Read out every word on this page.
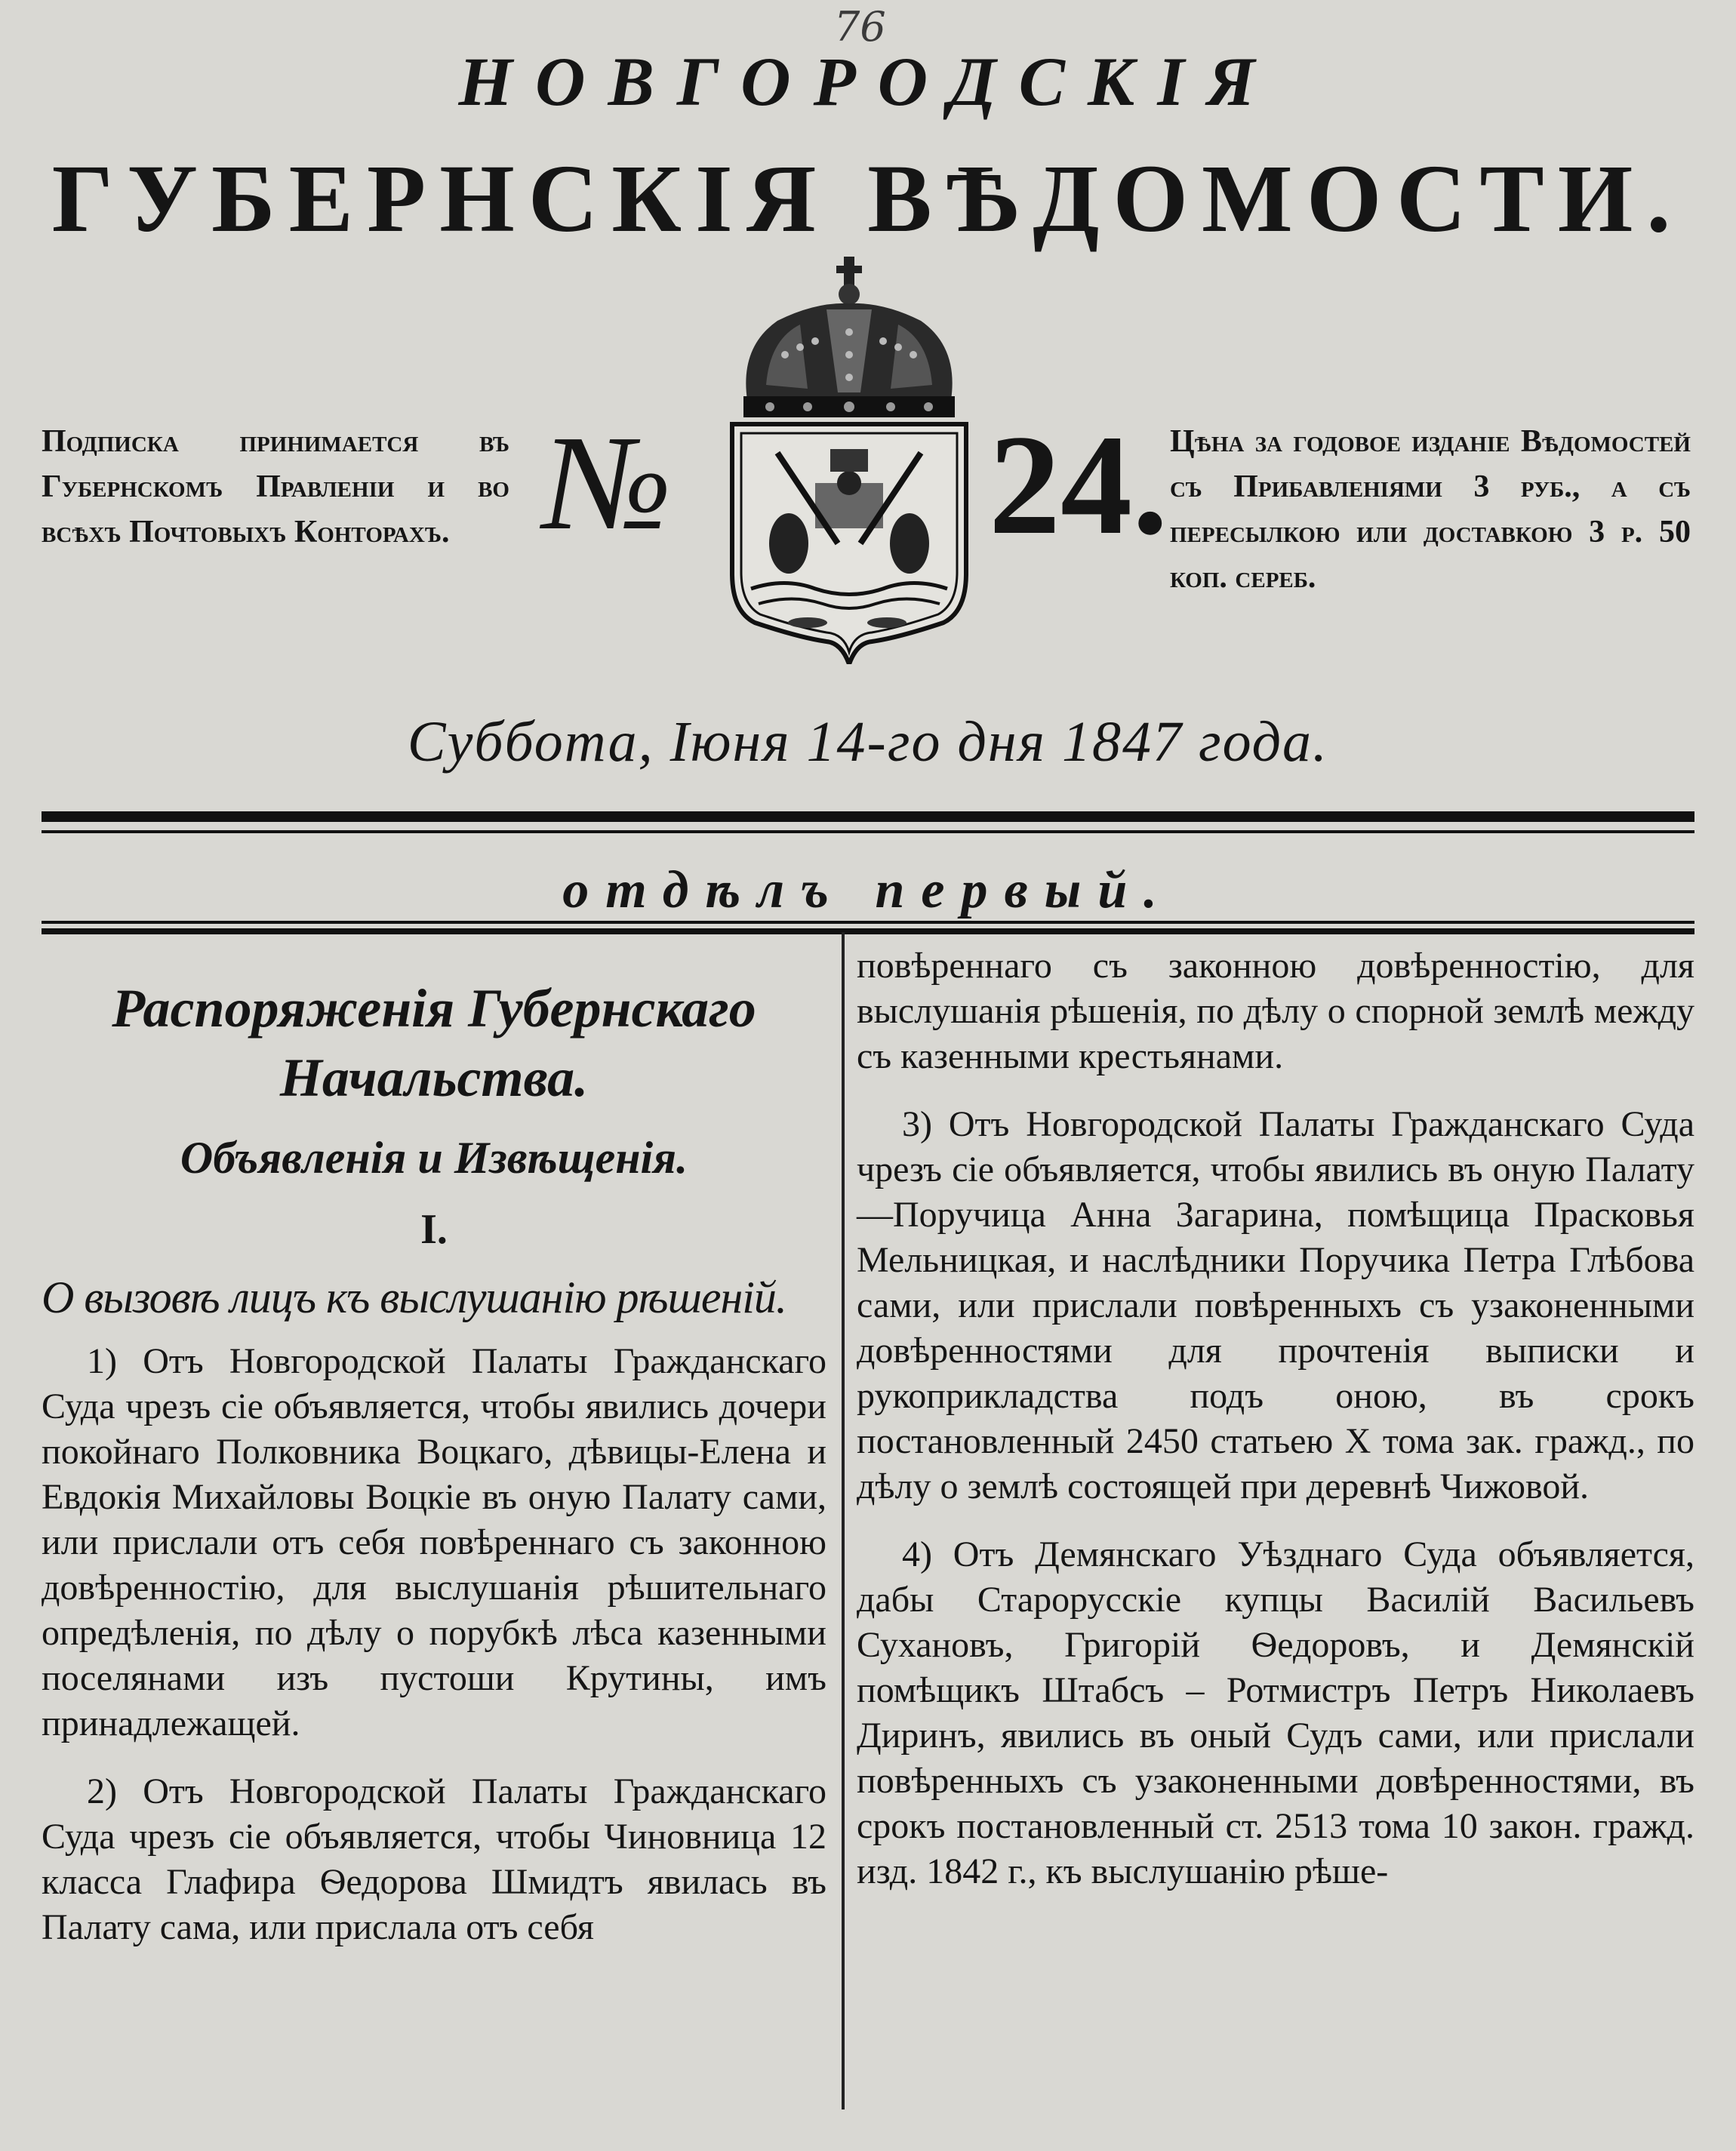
76
НОВГОРОДСКІЯ
ГУБЕРНСКІЯ ВѢДОМОСТИ.
Подписка принимается въ Губернскомъ Правленіи и во всѣхъ Почтовыхъ Конторахъ. № 24. Цѣна за годовое изданіе Вѣдомостей съ Прибавленіями 3 руб., а съ пересылкою или доставкою 3 р. 50 коп. сереб.
Суббота, Іюня 14-го дня 1847 года.
отдѣлъ первый.
Распоряженія Губернскаго Начальства.
Объявленія и Извѣщенія.
I.
О вызовѣ лицъ къ выслушанію рѣшеній.

1) Отъ Новгородской Палаты Гражданскаго Суда чрезъ сіе объявляется, чтобы явились дочери покойнаго Полковника Воцкаго, дѣвицы-Елена и Евдокія Михайловы Воцкіе въ оную Палату сами, или прислали отъ себя повѣреннаго съ законною довѣренностію, для выслушанія рѣшительнаго опредѣленія, по дѣлу о порубкѣ лѣса казенными поселянами изъ пустоши Крутины, имъ принадлежащей.

2) Отъ Новгородской Палаты Гражданскаго Суда чрезъ сіе объявляется, чтобы Чиновница 12 класса Глафира Ѳедорова Шмидтъ явилась въ Палату сама, или прислала отъ себя

повѣреннаго съ законною довѣренностію, для выслушанія рѣшенія, по дѣлу о спорной землѣ между съ казенными крестьянами.

3) Отъ Новгородской Палаты Гражданскаго Суда чрезъ сіе объявляется, чтобы явились въ оную Палату—Поручица Анна Загарина, помѣщица Прасковья Мельницкая, и наслѣдники Поручика Петра Глѣбова сами, или прислали повѣренныхъ съ узаконенными довѣренностями для прочтенія выписки и рукоприкладства подъ оною, въ срокъ постановленный 2450 статьею X тома зак. гражд., по дѣлу о землѣ состоящей при деревнѣ Чижовой.

4) Отъ Демянскаго Уѣзднаго Суда объявляется, дабы Старорусскіе купцы Василій Васильевъ Сухановъ, Григорій Ѳедоровъ, и Демянскій помѣщикъ Штабсъ – Ротмистръ Петръ Николаевъ Диринъ, явились въ оный Судъ сами, или прислали повѣренныхъ съ узаконенными довѣренностями, въ срокъ постановленный ст. 2513 тома 10 закон. гражд. изд. 1842 г., къ выслушанію рѣше-
